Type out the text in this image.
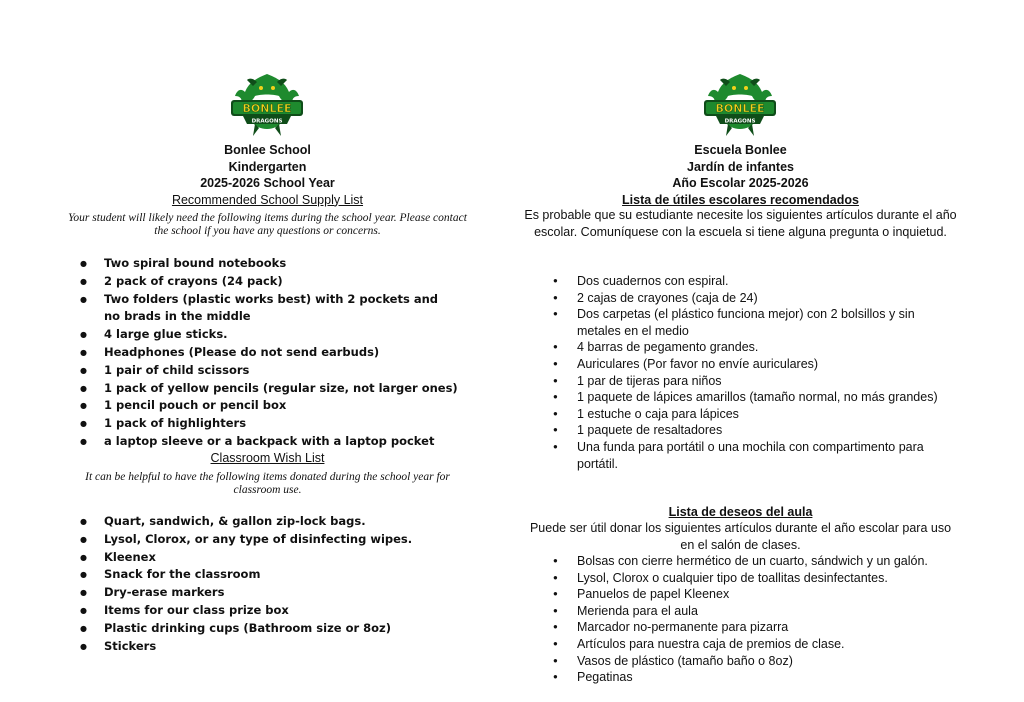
BONLEE
DRAGONS
Bonlee School
Kindergarten
2025-2026 School Year
Recommended School Supply List
Your student will likely need the following items during the school year. Please contact the school if you have any questions or concerns.
● Two spiral bound notebooks
● 2 pack of crayons (24 pack)
● Two folders (plastic works best) with 2 pockets and no brads in the middle
● 4 large glue sticks.
● Headphones (Please do not send earbuds)
● 1 pair of child scissors
● 1 pack of yellow pencils (regular size, not larger ones)
● 1 pencil pouch or pencil box
● 1 pack of highlighters
● a laptop sleeve or a backpack with a laptop pocket
Classroom Wish List
It can be helpful to have the following items donated during the school year for classroom use.
● Quart, sandwich, & gallon zip-lock bags.
● Lysol, Clorox, or any type of disinfecting wipes.
● Kleenex
● Snack for the classroom
● Dry-erase markers
● Items for our class prize box
● Plastic drinking cups (Bathroom size or 8oz)
● Stickers
BONLEE
DRAGONS
Escuela Bonlee
Jardín de infantes
Año Escolar 2025-2026
Lista de útiles escolares recomendados
Es probable que su estudiante necesite los siguientes artículos durante el año escolar. Comuníquese con la escuela si tiene alguna pregunta o inquietud.
● Dos cuadernos con espiral.
● 2 cajas de crayones (caja de 24)
● Dos carpetas (el plástico funciona mejor) con 2 bolsillos y sin metales en el medio
● 4 barras de pegamento grandes.
● Auriculares (Por favor no envíe auriculares)
● 1 par de tijeras para niños
● 1 paquete de lápices amarillos (tamaño normal, no más grandes)
● 1 estuche o caja para lápices
● 1 paquete de resaltadores
● Una funda para portátil o una mochila con compartimento para portátil.
Lista de deseos del aula
Puede ser útil donar los siguientes artículos durante el año escolar para uso en el salón de clases.
● Bolsas con cierre hermético de un cuarto, sándwich y un galón.
● Lysol, Clorox o cualquier tipo de toallitas desinfectantes.
● Panuelos de papel Kleenex
● Merienda para el aula
● Marcador no-permanente para pizarra
● Artículos para nuestra caja de premios de clase.
● Vasos de plástico (tamaño baño o 8oz)
● Pegatinas
